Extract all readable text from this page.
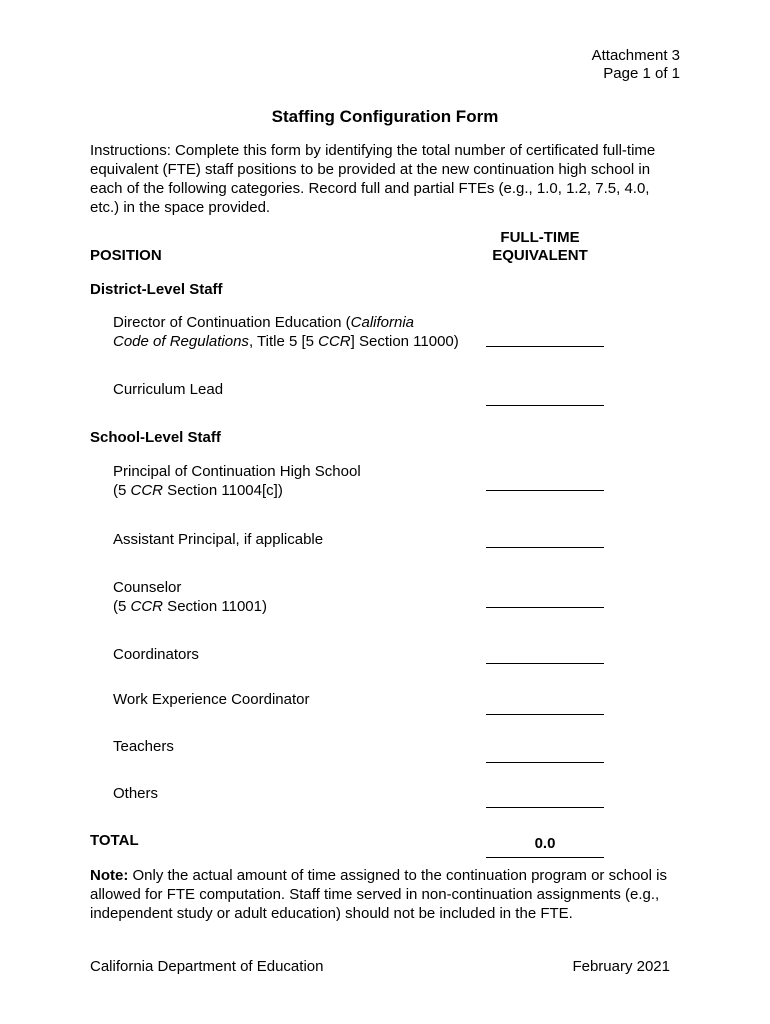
Attachment 3
Page 1 of 1
Staffing Configuration Form
Instructions: Complete this form by identifying the total number of certificated full-time equivalent (FTE) staff positions to be provided at the new continuation high school in each of the following categories. Record full and partial FTEs (e.g., 1.0, 1.2, 7.5, 4.0, etc.) in the space provided.
POSITION
FULL-TIME
EQUIVALENT
District-Level Staff
Director of Continuation Education (California
Code of Regulations, Title 5 [5 CCR] Section 11000)
Curriculum Lead
School-Level Staff
Principal of Continuation High School
(5 CCR Section 11004[c])
Assistant Principal, if applicable
Counselor
(5 CCR Section 11001)
Coordinators
Work Experience Coordinator
Teachers
Others
TOTAL	0.0
Note: Only the actual amount of time assigned to the continuation program or school is allowed for FTE computation. Staff time served in non-continuation assignments (e.g., independent study or adult education) should not be included in the FTE.
California Department of Education	February 2021
